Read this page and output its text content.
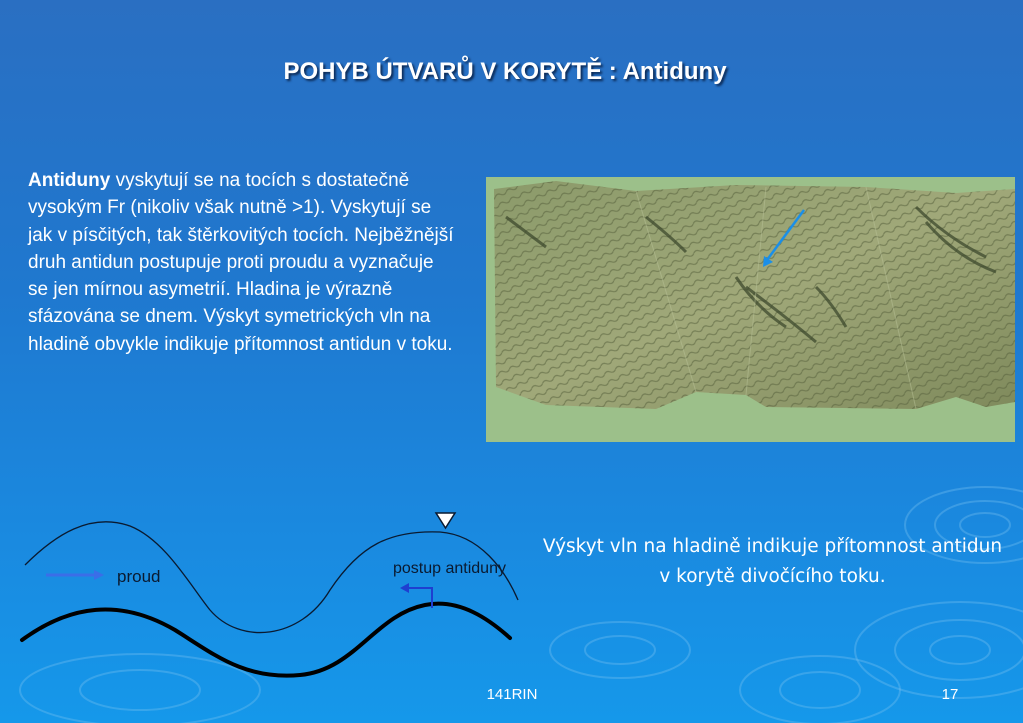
POHYB ÚTVARŮ V KORYTĚ : Antiduny
Antiduny vyskytují se na tocích s dostatečně vysokým Fr (nikoliv však nutně >1). Vyskytují se jak v písčitých, tak štěrkovitých tocích. Nejběžnější druh antidun postupuje proti proudu a vyznačuje se jen mírnou asymetrií. Hladina je výrazně sfázována se dnem. Výskyt symetrických vln na hladině obvykle indikuje přítomnost antidun v toku.
Výskyt vln na hladině indikuje přítomnost antidun v korytě divočícího toku.
proud	postup antiduny
141RIN	17
